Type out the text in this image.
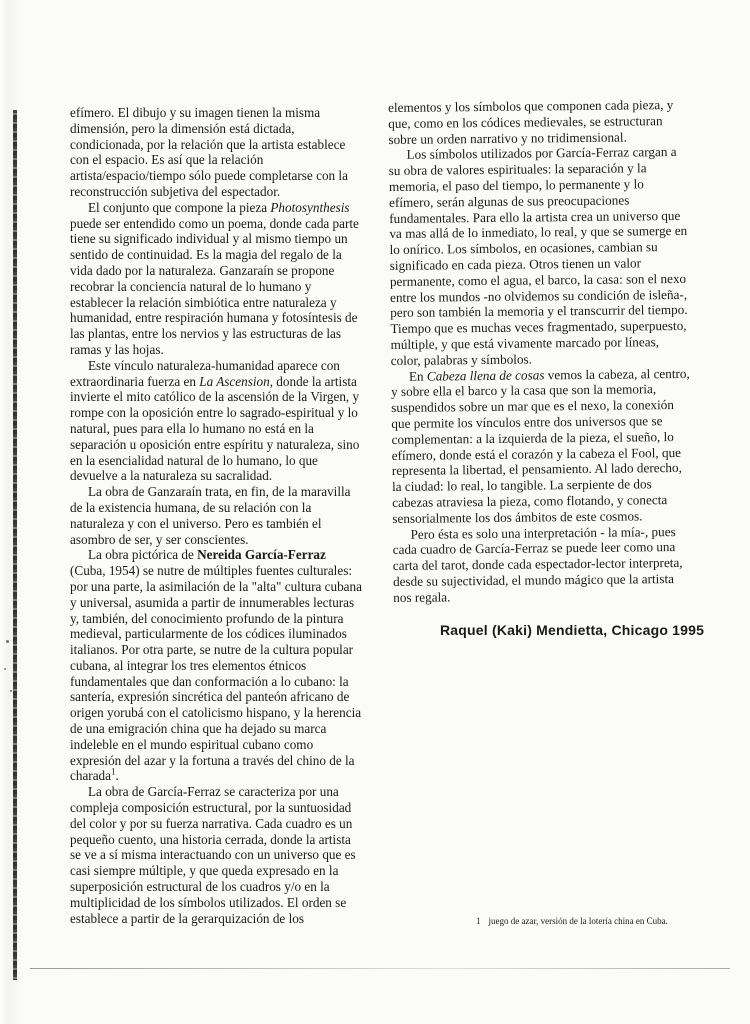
efímero. El dibujo y su imagen tienen la misma dimensión, pero la dimensión está dictada, condicionada, por la relación que la artista establece con el espacio. Es así que la relación artista/espacio/tiempo sólo puede completarse con la reconstrucción subjetiva del espectador.

El conjunto que compone la pieza Photosynthesis puede ser entendido como un poema, donde cada parte tiene su significado individual y al mismo tiempo un sentido de continuidad. Es la magia del regalo de la vida dado por la naturaleza. Ganzaraín se propone recobrar la conciencia natural de lo humano y establecer la relación simbiótica entre naturaleza y humanidad, entre respiración humana y fotosíntesis de las plantas, entre los nervios y las estructuras de las ramas y las hojas.

Este vínculo naturaleza-humanidad aparece con extraordinaria fuerza en La Ascension, donde la artista invierte el mito católico de la ascensión de la Virgen, y rompe con la oposición entre lo sagrado-espiritual y lo natural, pues para ella lo humano no está en la separación u oposición entre espíritu y naturaleza, sino en la esencialidad natural de lo humano, lo que devuelve a la naturaleza su sacralidad.

La obra de Ganzaraín trata, en fin, de la maravilla de la existencia humana, de su relación con la naturaleza y con el universo. Pero es también el asombro de ser, y ser conscientes.

La obra pictórica de Nereida García-Ferraz (Cuba, 1954) se nutre de múltiples fuentes culturales: por una parte, la asimilación de la "alta" cultura cubana y universal, asumida a partir de innumerables lecturas y, también, del conocimiento profundo de la pintura medieval, particularmente de los códices iluminados italianos. Por otra parte, se nutre de la cultura popular cubana, al integrar los tres elementos étnicos fundamentales que dan conformación a lo cubano: la santería, expresión sincrética del panteón africano de origen yorubá con el catolicismo hispano, y la herencia de una emigración china que ha dejado su marca indeleble en el mundo espiritual cubano como expresión del azar y la fortuna a través del chino de la charada$^1$.

La obra de García-Ferraz se caracteriza por una compleja composición estructural, por la suntuosidad del color y por su fuerza narrativa. Cada cuadro es un pequeño cuento, una historia cerrada, donde la artista se ve a sí misma interactuando con un universo que es casi siempre múltiple, y que queda expresado en la superposición estructural de los cuadros y/o en la multiplicidad de los símbolos utilizados. El orden se establece a partir de la gerarquización de los

elementos y los símbolos que componen cada pieza, y que, como en los códices medievales, se estructuran sobre un orden narrativo y no tridimensional.

Los símbolos utilizados por García-Ferraz cargan a su obra de valores espirituales: la separación y la memoria, el paso del tiempo, lo permanente y lo efímero, serán algunas de sus preocupaciones fundamentales. Para ello la artista crea un universo que va mas allá de lo inmediato, lo real, y que se sumerge en lo onírico. Los símbolos, en ocasiones, cambian su significado en cada pieza. Otros tienen un valor permanente, como el agua, el barco, la casa: son el nexo entre los mundos -no olvidemos su condición de isleña-, pero son también la memoria y el transcurrir del tiempo. Tiempo que es muchas veces fragmentado, superpuesto, múltiple, y que está vivamente marcado por líneas, color, palabras y símbolos.

En Cabeza llena de cosas vemos la cabeza, al centro, y sobre ella el barco y la casa que son la memoria, suspendidos sobre un mar que es el nexo, la conexión que permite los vínculos entre dos universos que se complementan: a la izquierda de la pieza, el sueño, lo efímero, donde está el corazón y la cabeza el Fool, que representa la libertad, el pensamiento. Al lado derecho, la ciudad: lo real, lo tangible. La serpiente de dos cabezas atraviesa la pieza, como flotando, y conecta sensorialmente los dos ámbitos de este cosmos.

Pero ésta es solo una interpretación - la mía-, pues cada cuadro de García-Ferraz se puede leer como una carta del tarot, donde cada espectador-lector interpreta, desde su sujectividad, el mundo mágico que la artista nos regala.

Raquel (Kaki) Mendietta, Chicago 1995
1 juego de azar, versión de la lotería china en Cuba.
